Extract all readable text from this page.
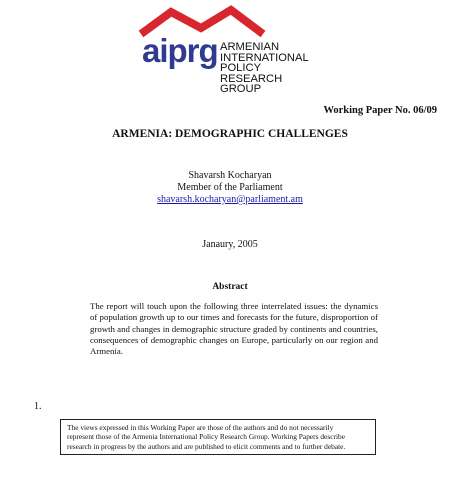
aiprg ARMENIAN
INTERNATIONAL
POLICY
RESEARCH
GROUP
Working Paper No. 06/09
ARMENIA: DEMOGRAPHIC CHALLENGES
Shavarsh Kocharyan
Member of the Parliament
shavarsh.kocharyan@parliament.am
Janaury, 2005
Abstract
The report will touch upon the following three interrelated issues: the dynamics of population growth up to our times and forecasts for the future, disproportion of growth and changes in demographic structure graded by continents and countries, consequences of demographic changes on Europe, particularly on our region and Armenia.
1.
The views expressed in this Working Paper are those of the authors and do not necessarily
represent those of the Armenia International Policy Research Group. Working Papers describe
research in progress by the authors and are published to elicit comments and to further debate.
